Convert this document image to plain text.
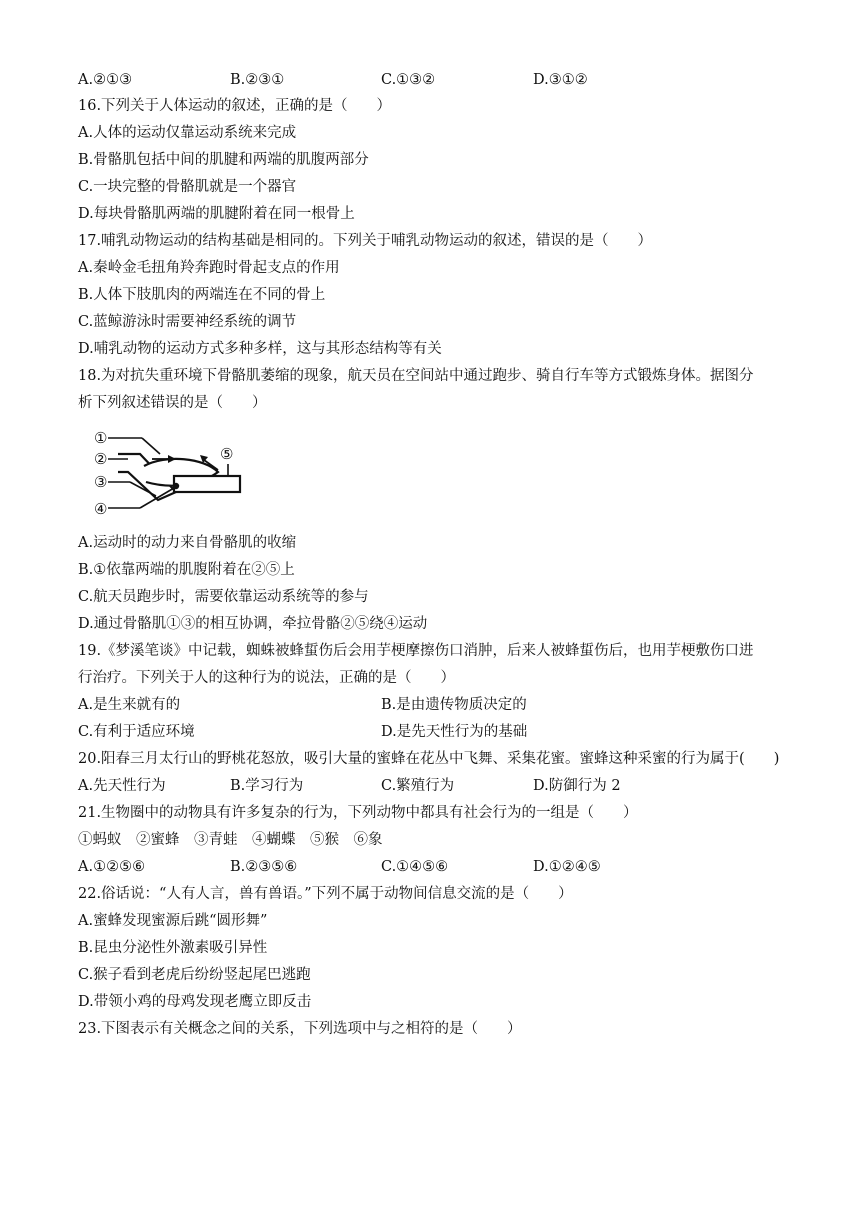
A.②①③	B.②③①	C.①③②	D.③①②
16.下列关于人体运动的叙述，正确的是（　　）
A.人体的运动仅靠运动系统来完成
B.骨骼肌包括中间的肌腱和两端的肌腹两部分
C.一块完整的骨骼肌就是一个器官
D.每块骨骼肌两端的肌腱附着在同一根骨上
17.哺乳动物运动的结构基础是相同的。下列关于哺乳动物运动的叙述，错误的是（　　）
A.秦岭金毛扭角羚奔跑时骨起支点的作用
B.人体下肢肌肉的两端连在不同的骨上
C.蓝鲸游泳时需要神经系统的调节
D.哺乳动物的运动方式多种多样，这与其形态结构等有关
18.为对抗失重环境下骨骼肌萎缩的现象，航天员在空间站中通过跑步、骑自行车等方式锻炼身体。据图分
析下列叙述错误的是（　　）
①
②
③
④
⑤
A.运动时的动力来自骨骼肌的收缩
B.①依靠两端的肌腹附着在②⑤上
C.航天员跑步时，需要依靠运动系统等的参与
D.通过骨骼肌①③的相互协调，牵拉骨骼②⑤绕④运动
19.《梦溪笔谈》中记载，蜘蛛被蜂蜇伤后会用芋梗摩擦伤口消肿，后来人被蜂蜇伤后，也用芋梗敷伤口进
行治疗。下列关于人的这种行为的说法，正确的是（　　）
A.是生来就有的	B.是由遗传物质决定的
C.有利于适应环境	D.是先天性行为的基础
20.阳春三月太行山的野桃花怒放，吸引大量的蜜蜂在花丛中飞舞、采集花蜜。蜜蜂这种采蜜的行为属于(　　)
A.先天性行为	B.学习行为	C.繁殖行为	D.防御行为 2
21.生物圈中的动物具有许多复杂的行为，下列动物中都具有社会行为的一组是（　　）
①蚂蚁　②蜜蜂　③青蛙　④蝴蝶　⑤猴　⑥象
A.①②⑤⑥	B.②③⑤⑥	C.①④⑤⑥	D.①②④⑤
22.俗话说：“人有人言，兽有兽语。”下列不属于动物间信息交流的是（　　）
A.蜜蜂发现蜜源后跳“圆形舞”
B.昆虫分泌性外激素吸引异性
C.猴子看到老虎后纷纷竖起尾巴逃跑
D.带领小鸡的母鸡发现老鹰立即反击
23.下图表示有关概念之间的关系，下列选项中与之相符的是（　　）
